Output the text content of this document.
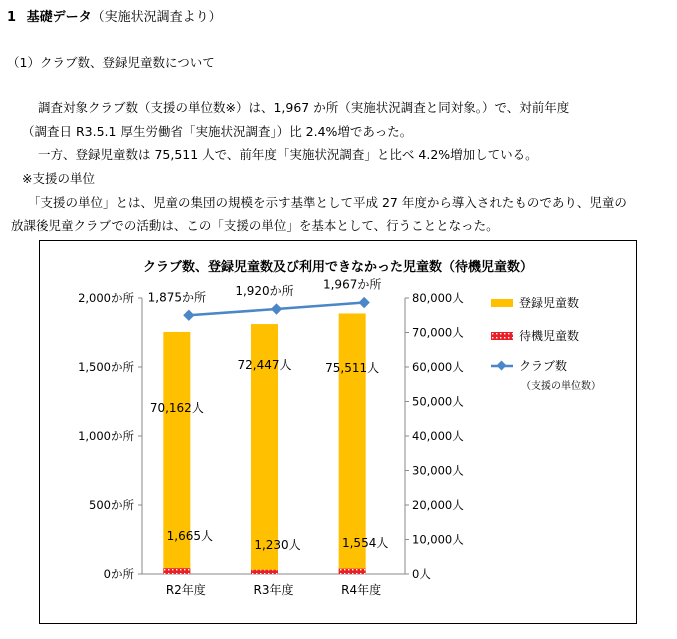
1 基礎データ（実施状況調査より）
（1）クラブ数、登録児童数について
調査対象クラブ数（支援の単位数※）は、1,967 か所（実施状況調査と同対象。）で、対前年度
（調査日 R3.5.1 厚生労働省「実施状況調査」）比 2.4%増であった。
一方、登録児童数は 75,511 人で、前年度「実施状況調査」と比べ 4.2%増加している。
※支援の単位
「支援の単位」とは、児童の集団の規模を示す基準として平成 27 年度から導入されたものであり、児童の
放課後児童クラブでの活動は、この「支援の単位」を基本として、行うこととなった。
クラブ数、登録児童数及び利用できなかった児童数（待機児童数）
0か所
500か所
1,000か所
1,500か所
2,000か所
0人
10,000人
20,000人
30,000人
40,000人
50,000人
60,000人
70,000人
80,000人
R2年度	R3年度	R4年度
70,162人
72,447人	75,511人
1,665人
1,230人	1,554人
1,875か所 1,920か所 1,967か所
登録児童数
待機児童数
クラブ数
（支援の単位数）
